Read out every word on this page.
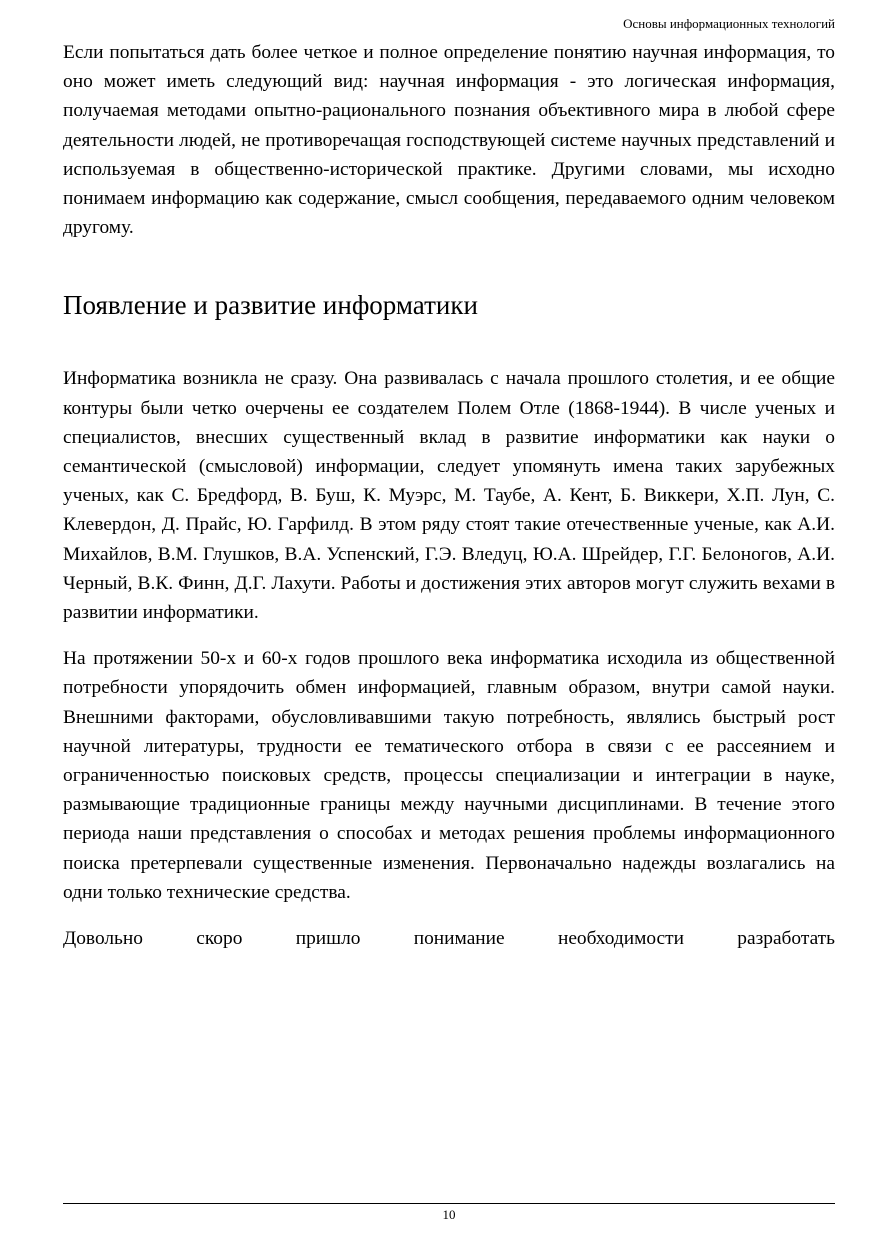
Основы информационных технологий

Если попытаться дать более четкое и полное определение понятию научная информация, то оно может иметь следующий вид: научная информация - это логическая информация, получаемая методами опытно-рационального познания объективного мира в любой сфере деятельности людей, не противоречащая господствующей системе научных представлений и используемая в общественно-исторической практике. Другими словами, мы исходно понимаем информацию как содержание, смысл сообщения, передаваемого одним человеком другому.

Появление и развитие информатики

Информатика возникла не сразу. Она развивалась с начала прошлого столетия, и ее общие контуры были четко очерчены ее создателем Полем Отле (1868-1944). В числе ученых и специалистов, внесших существенный вклад в развитие информатики как науки о семантической (смысловой) информации, следует упомянуть имена таких зарубежных ученых, как С. Бредфорд, В. Буш, К. Муэрс, М. Таубе, А. Кент, Б. Виккери, Х.П. Лун, С. Клевердон, Д. Прайс, Ю. Гарфилд. В этом ряду стоят такие отечественные ученые, как А.И. Михайлов, В.М. Глушков, В.А. Успенский, Г.Э. Вледуц, Ю.А. Шрейдер, Г.Г. Белоногов, А.И. Черный, В.К. Финн, Д.Г. Лахути. Работы и достижения этих авторов могут служить вехами в развитии информатики.

На протяжении 50-х и 60-х годов прошлого века информатика исходила из общественной потребности упорядочить обмен информацией, главным образом, внутри самой науки. Внешними факторами, обусловливавшими такую потребность, являлись быстрый рост научной литературы, трудности ее тематического отбора в связи с ее рассеянием и ограниченностью поисковых средств, процессы специализации и интеграции в науке, размывающие традиционные границы между научными дисциплинами. В течение этого периода наши представления о способах и методах решения проблемы информационного поиска претерпевали существенные изменения. Первоначально надежды возлагались на одни только технические средства.

Довольно скоро пришло понимание необходимости разработать

10
